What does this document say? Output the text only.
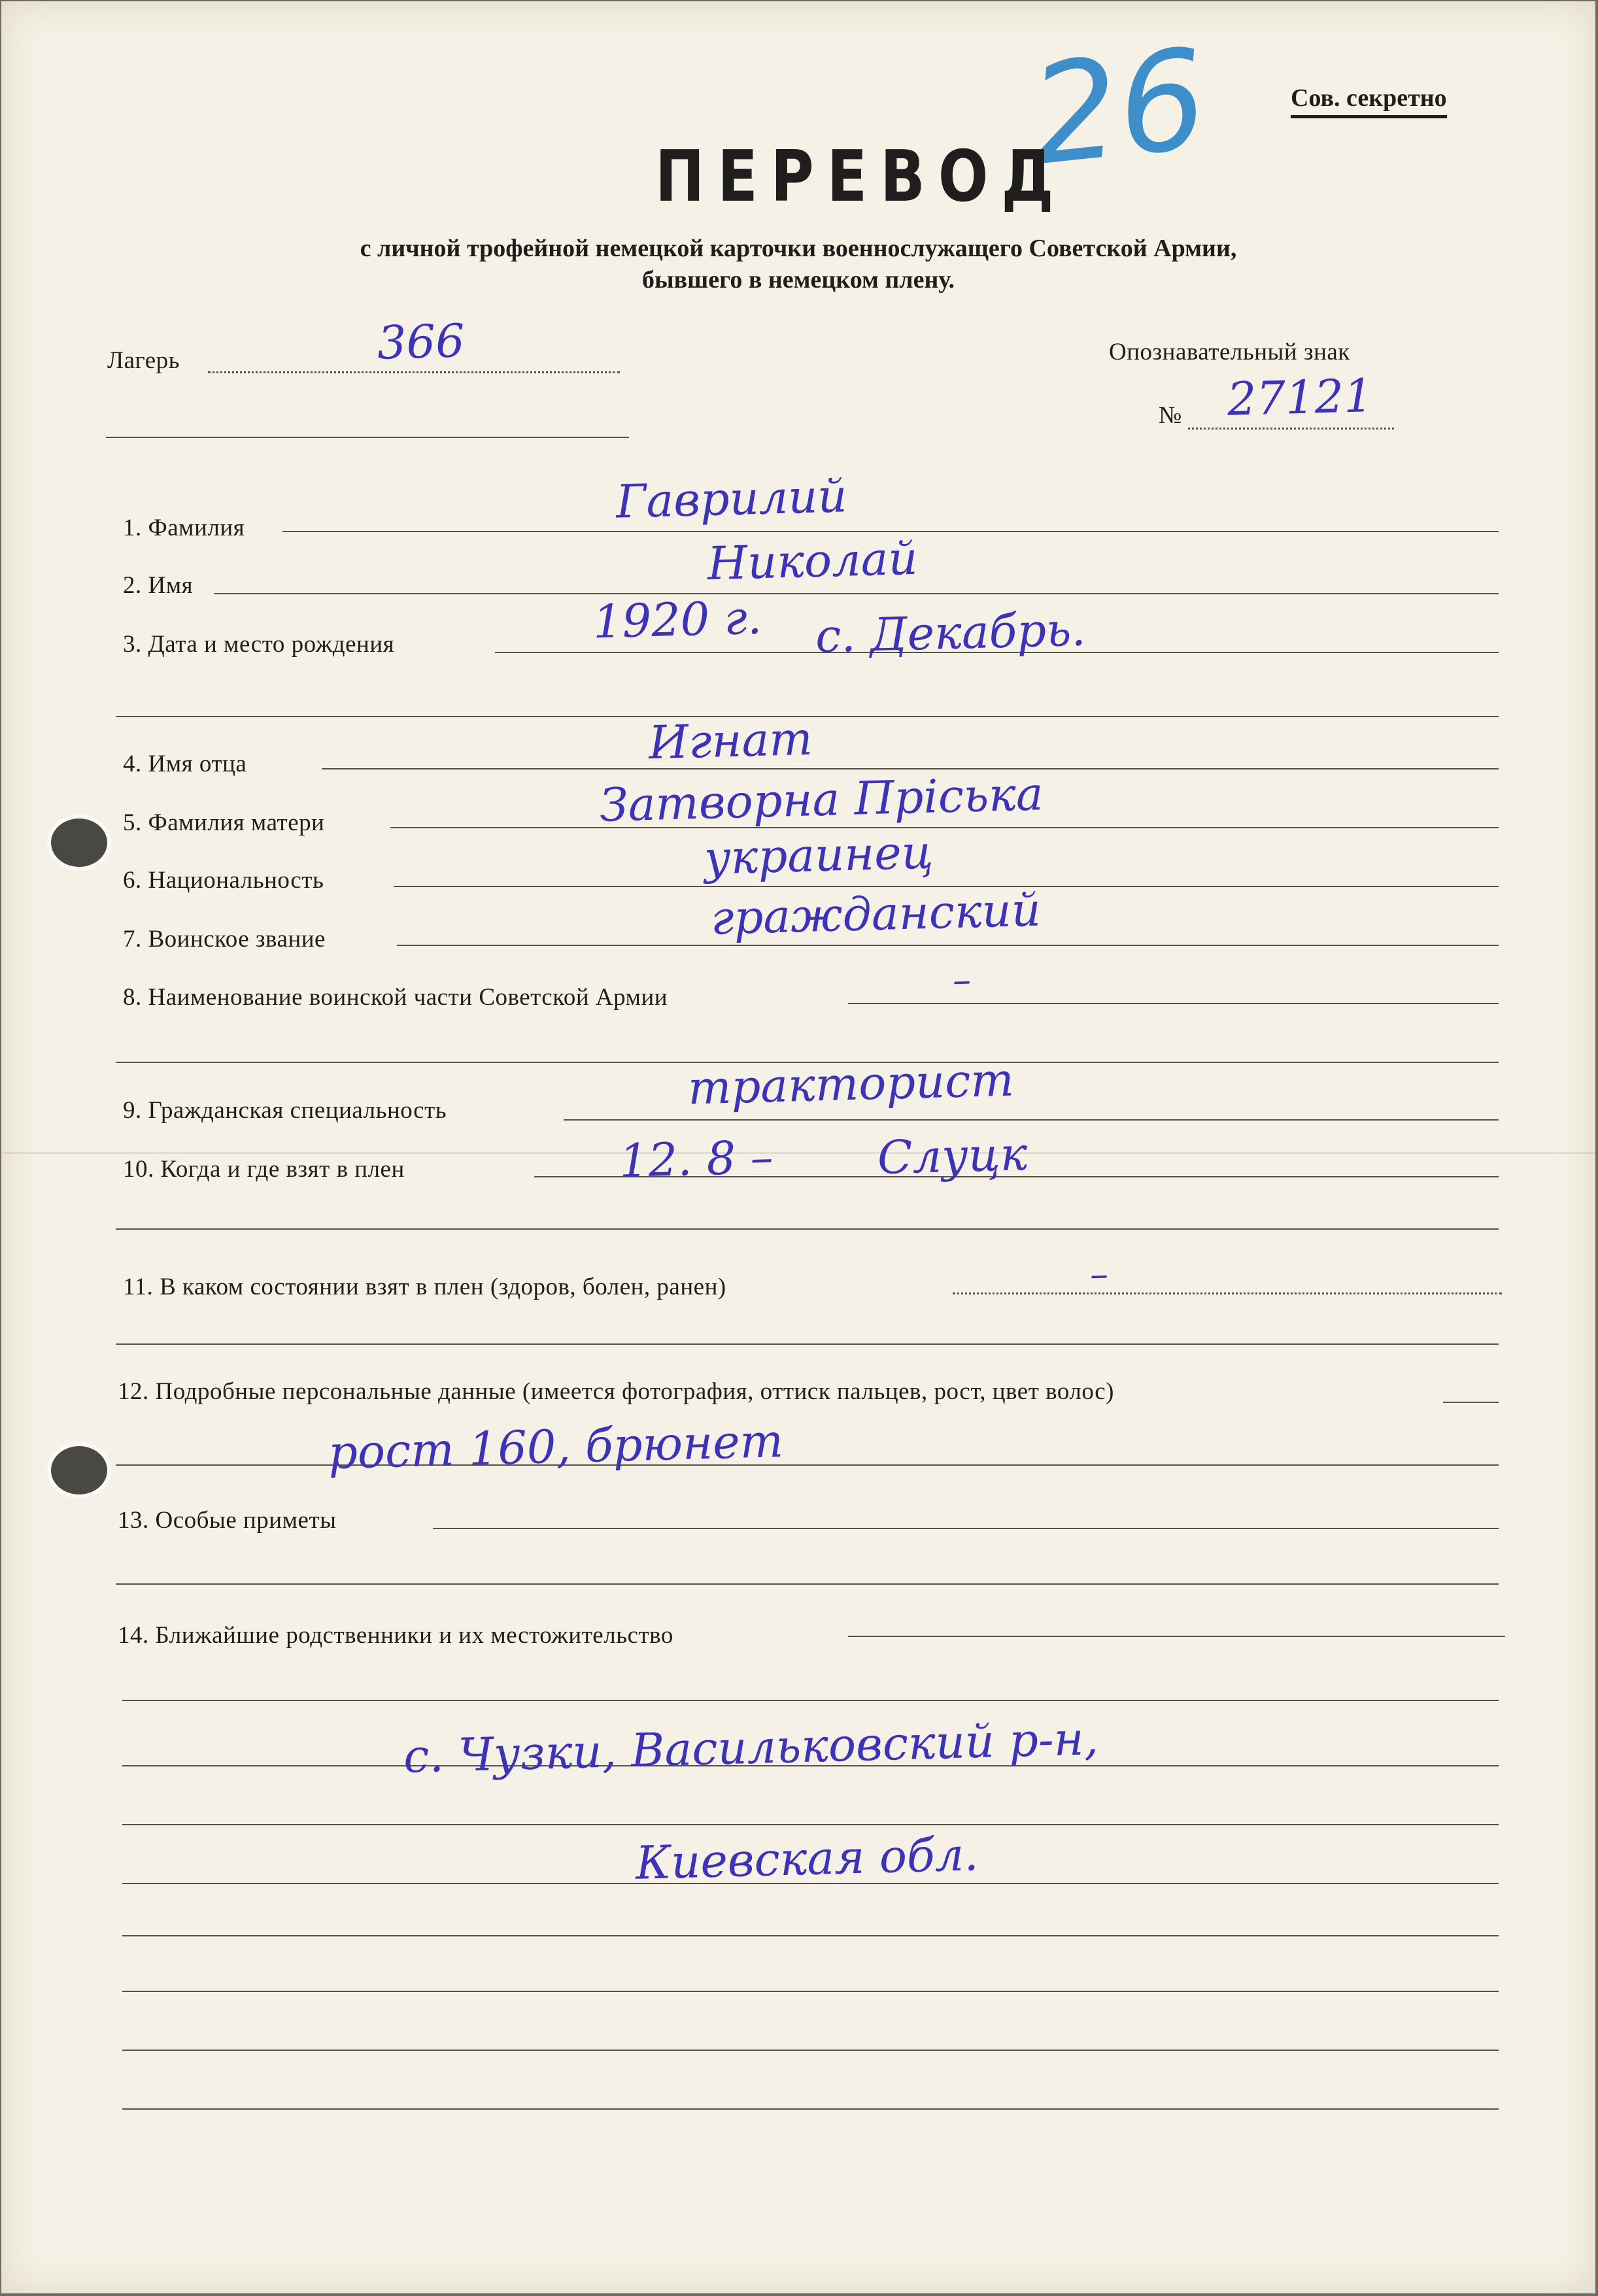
26	Сов. секретно
ПЕРЕВОД
с личной трофейной немецкой карточки военнослужащего Советской Армии,
бывшего в немецком плену.
Лагерь	366	Опознавательный знак
№ 27121
1. Фамилия	Гаврилий
2. Имя	Николай
3. Дата и место рождения	1920 г. с. Декабрь.
4. Имя отца	Игнат
5. Фамилия матери	Затворна Пріська
6. Национальность	украинец
7. Воинское звание	гражданский
8. Наименование воинской части Советской Армии	–
9. Гражданская специальность	тракторист
10. Когда и где взят в плен	12. 8 – Слуцк
11. В каком состоянии взят в плен (здоров, болен, ранен)	–
12. Подробные персональные данные (имеется фотография, оттиск пальцев, рост, цвет волос)
рост 160, брюнет
13. Особые приметы
14. Ближайшие родственники и их местожительство
с. Чузки, Васильковский р-н,
Киевская обл.
